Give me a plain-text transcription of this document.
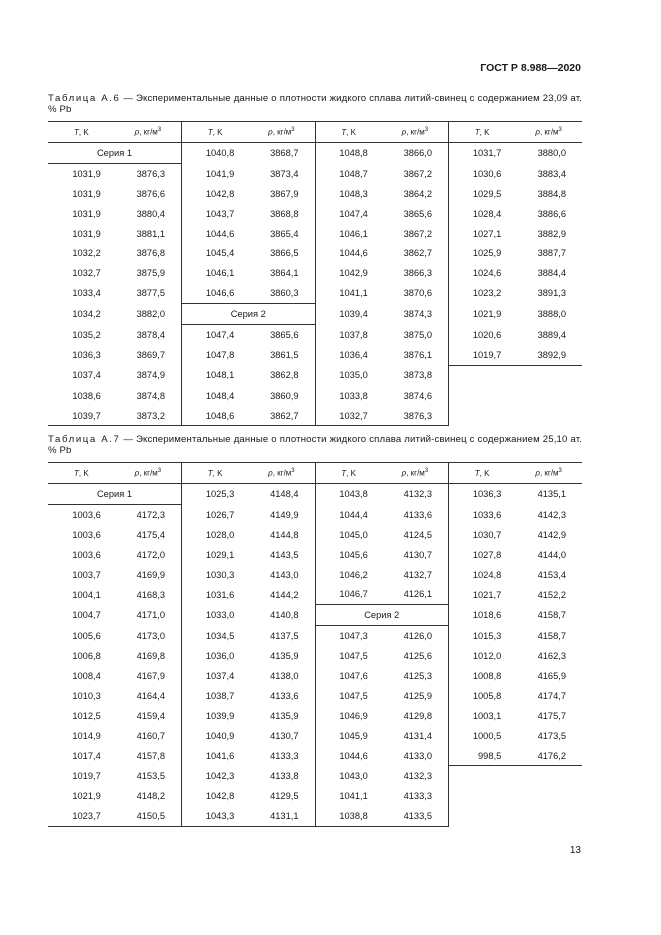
ГОСТ Р 8.988—2020
Таблица А.6 — Экспериментальные данные о плотности жидкого сплава литий-свинец с содержанием 23,09 ат. % Pb
T, K	ρ, $кг/м^3$	T, K	ρ, $кг/м^3$	T, K	ρ, $кг/м^3$	T, K	ρ, $кг/м^3$
Серия 1		1040,8	3868,7	1048,8	3866,0	1031,7	3880,0
1031,9	3876,3	1041,9	3873,4	1048,7	3867,2	1030,6	3883,4
1031,9	3876,6	1042,8	3867,9	1048,3	3864,2	1029,5	3884,8
1031,9	3880,4	1043,7	3868,8	1047,4	3865,6	1028,4	3886,6
1031,9	3881,1	1044,6	3865,4	1046,1	3867,2	1027,1	3882,9
1032,2	3876,8	1045,4	3866,5	1044,6	3862,7	1025,9	3887,7
1032,7	3875,9	1046,1	3864,1	1042,9	3866,3	1024,6	3884,4
1033,4	3877,5	1046,6	3860,3	1041,1	3870,6	1023,2	3891,3
1034,2	3882,0	Серия 2		1039,4	3874,3	1021,9	3888,0
1035,2	3878,4	1047,4	3865,6	1037,8	3875,0	1020,6	3889,4
1036,3	3869,7	1047,8	3861,5	1036,4	3876,1	1019,7	3892,9
1037,4	3874,9	1048,1	3862,8	1035,0	3873,8		
1038,6	3874,8	1048,4	3860,9	1033,8	3874,6		
1039,7	3873,2	1048,6	3862,7	1032,7	3876,3		
Таблица А.7 — Экспериментальные данные о плотности жидкого сплава литий-свинец с содержанием 25,10 ат. % Pb
T, K	ρ, $кг/м^3$	T, K	ρ, $кг/м^3$	T, K	ρ, $кг/м^3$	T, K	ρ, $кг/м^3$
Серия 1		1025,3	4148,4	1043,8	4132,3	1036,3	4135,1
1003,6	4172,3	1026,7	4149,9	1044,4	4133,6	1033,6	4142,3
1003,6	4175,4	1028,0	4144,8	1045,0	4124,5	1030,7	4142,9
1003,6	4172,0	1029,1	4143,5	1045,6	4130,7	1027,8	4144,0
1003,7	4169,9	1030,3	4143,0	1046,2	4132,7	1024,8	4153,4
1004,1	4168,3	1031,6	4144,2	1046,7	4126,1	1021,7	4152,2
1004,7	4171,0	1033,0	4140,8	Серия 2		1018,6	4158,7
1005,6	4173,0	1034,5	4137,5	1047,3	4126,0	1015,3	4158,7
1006,8	4169,8	1036,0	4135,9	1047,5	4125,6	1012,0	4162,3
1008,4	4167,9	1037,4	4138,0	1047,6	4125,3	1008,8	4165,9
1010,3	4164,4	1038,7	4133,6	1047,5	4125,9	1005,8	4174,7
1012,5	4159,4	1039,9	4135,9	1046,9	4129,8	1003,1	4175,7
1014,9	4160,7	1040,9	4130,7	1045,9	4131,4	1000,5	4173,5
1017,4	4157,8	1041,6	4133,3	1044,6	4133,0	998,5	4176,2
1019,7	4153,5	1042,3	4133,8	1043,0	4132,3		
1021,9	4148,2	1042,8	4129,5	1041,1	4133,3		
1023,7	4150,5	1043,3	4131,1	1038,8	4133,5		
13
